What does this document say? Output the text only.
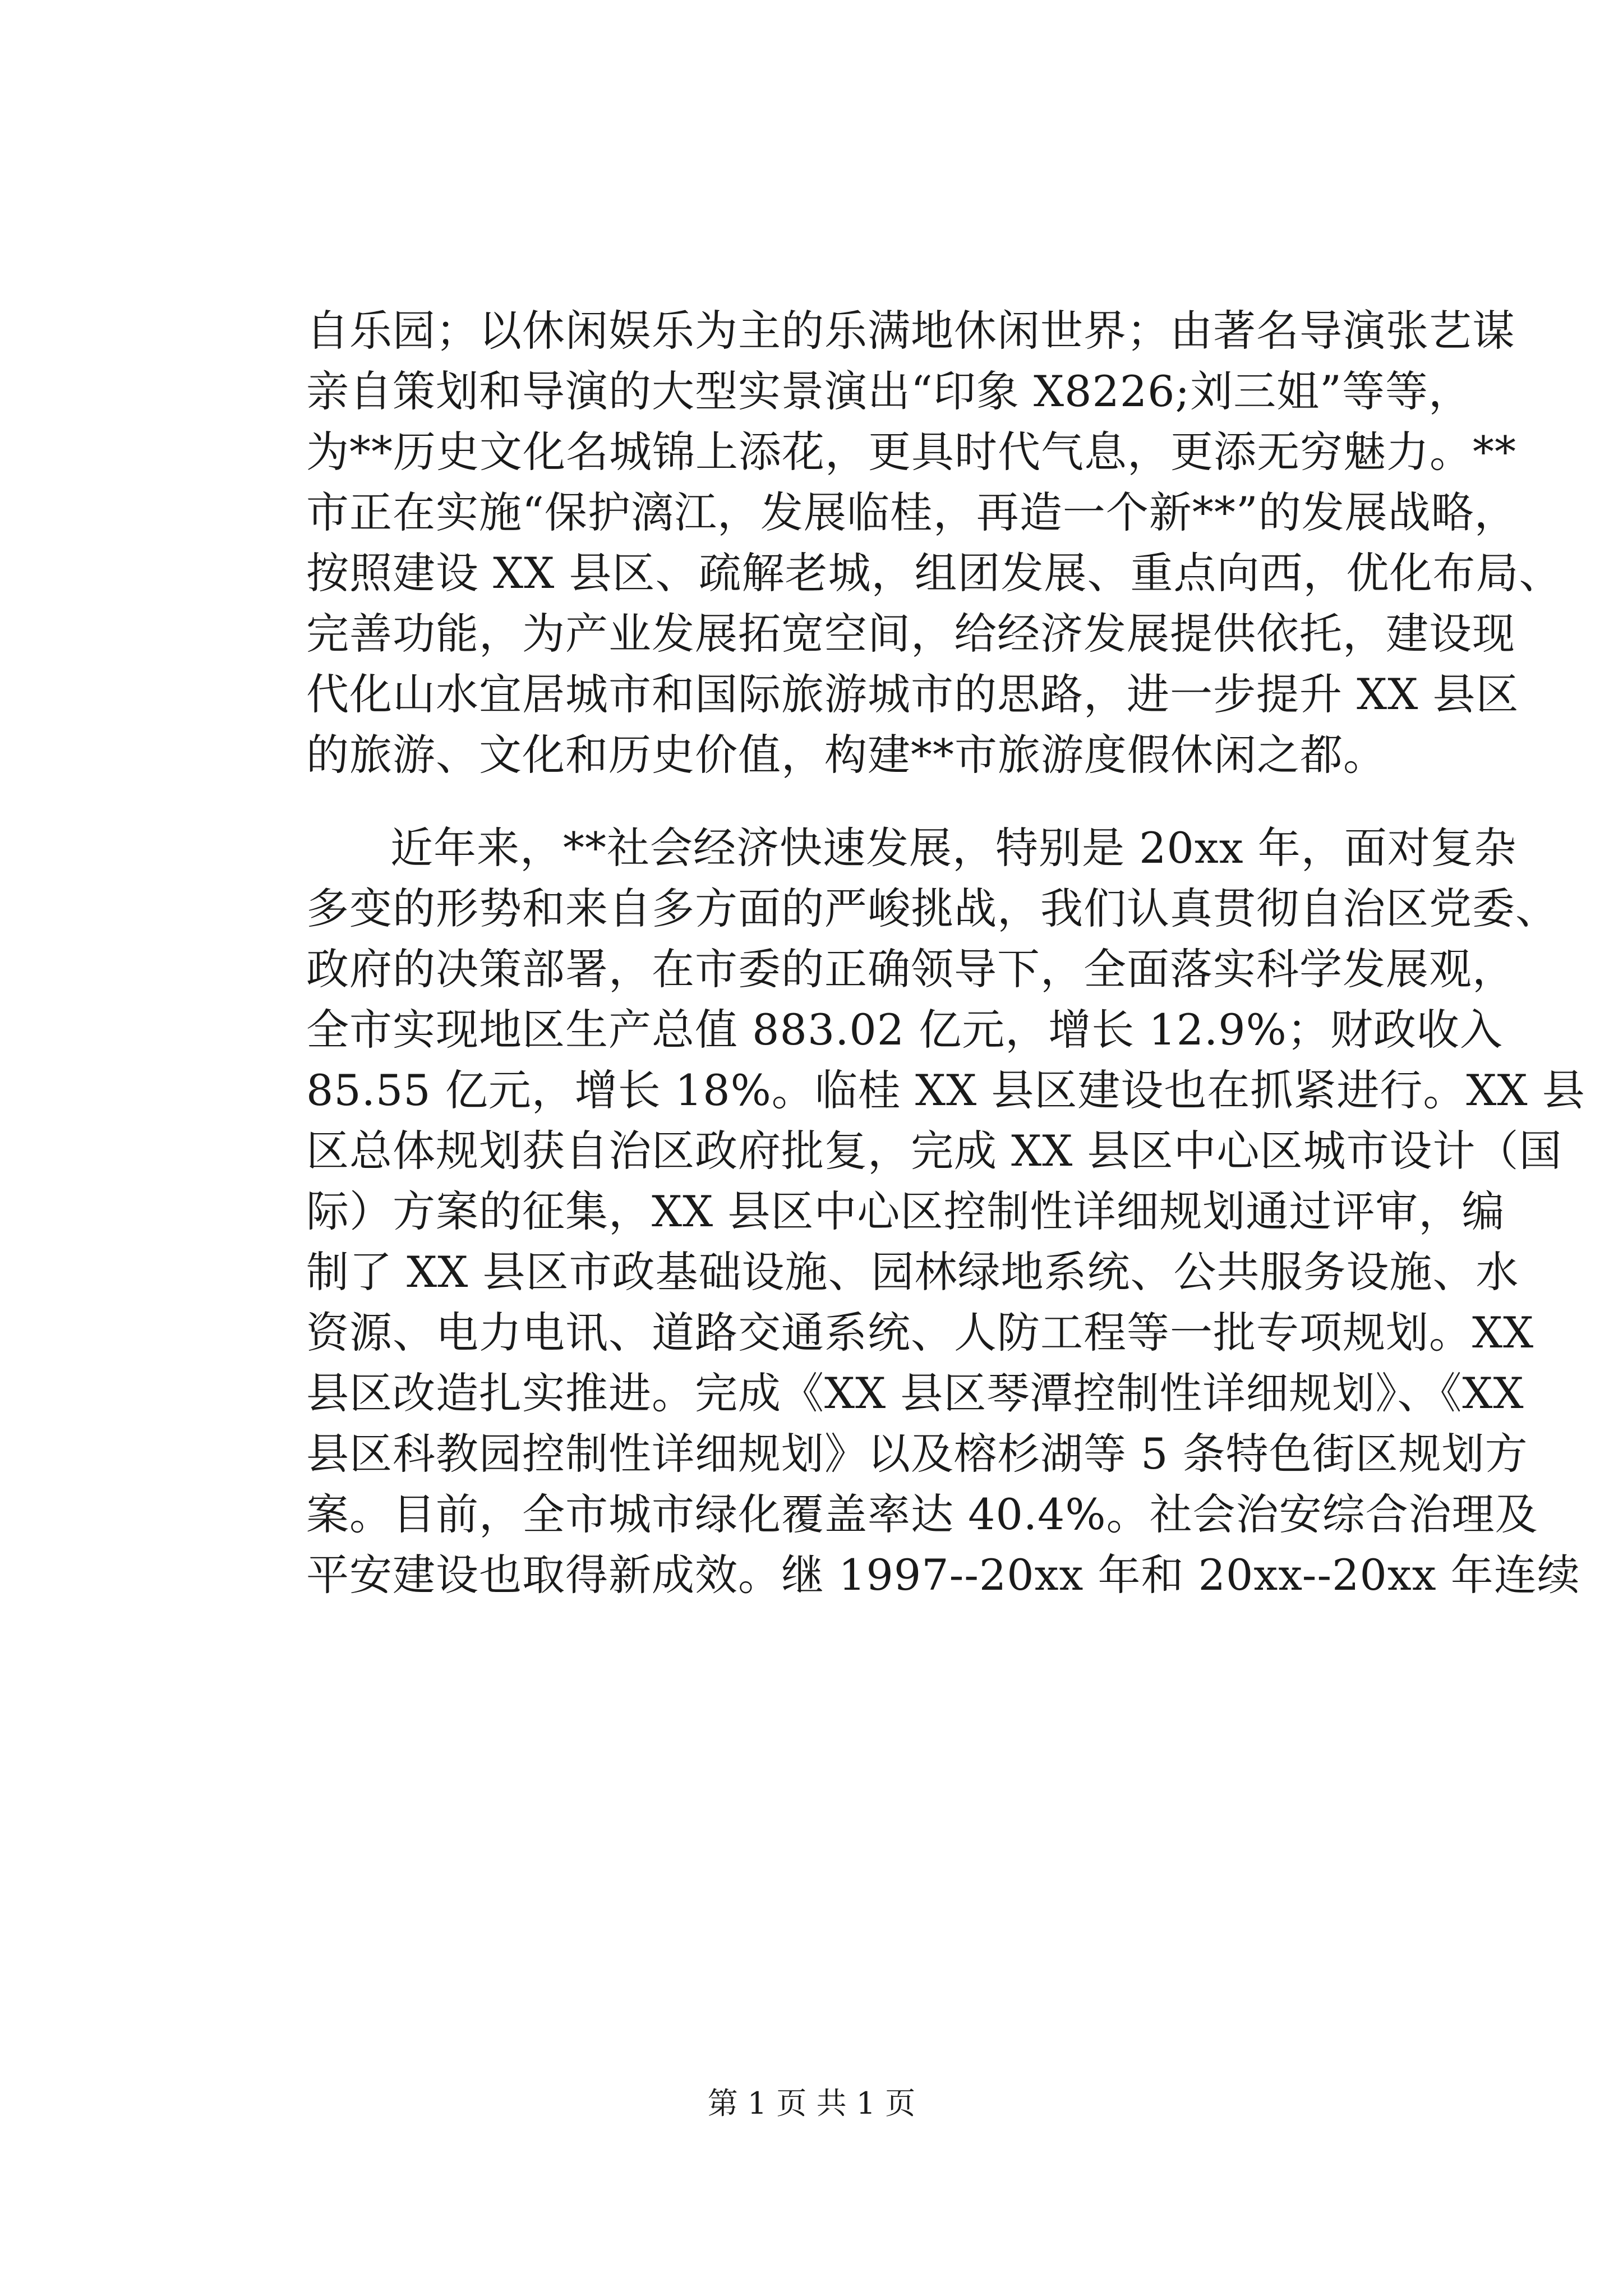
自乐园；以休闲娱乐为主的乐满地休闲世界；由著名导演张艺谋
亲自策划和导演的大型实景演出“印象 X8226;刘三姐”等等，
为**历史文化名城锦上添花，更具时代气息，更添无穷魅力。**
市正在实施“保护漓江，发展临桂，再造一个新**”的发展战略，
按照建设 XX 县区、疏解老城，组团发展、重点向西，优化布局、
完善功能，为产业发展拓宽空间，给经济发展提供依托，建设现
代化山水宜居城市和国际旅游城市的思路，进一步提升 XX 县区
的旅游、文化和历史价值，构建**市旅游度假休闲之都。
近年来，**社会经济快速发展，特别是 20xx 年，面对复杂
多变的形势和来自多方面的严峻挑战，我们认真贯彻自治区党委、
政府的决策部署，在市委的正确领导下，全面落实科学发展观，
全市实现地区生产总值 883.02 亿元，增长 12.9%；财政收入
85.55 亿元，增长 18%。临桂 XX 县区建设也在抓紧进行。XX 县
区总体规划获自治区政府批复，完成 XX 县区中心区城市设计（国
际）方案的征集，XX 县区中心区控制性详细规划通过评审，编
制了 XX 县区市政基础设施、园林绿地系统、公共服务设施、水
资源、电力电讯、道路交通系统、人防工程等一批专项规划。XX
县区改造扎实推进。完成《XX 县区琴潭控制性详细规划》、《XX
县区科教园控制性详细规划》以及榕杉湖等 5 条特色街区规划方
案。目前，全市城市绿化覆盖率达 40.4%。社会治安综合治理及
平安建设也取得新成效。继 1997--20xx 年和 20xx--20xx 年连续
第 1 页 共 1 页
